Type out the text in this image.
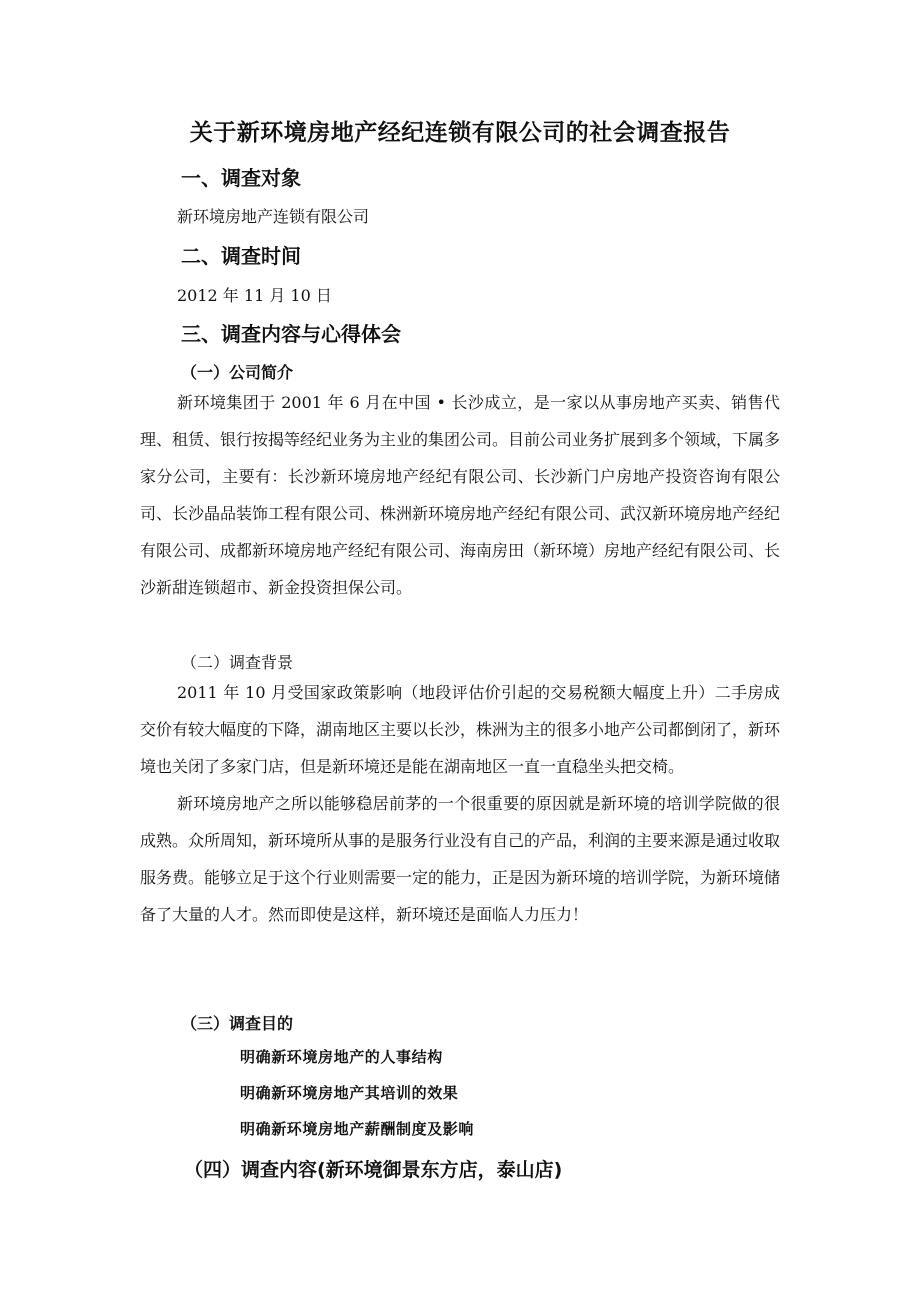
关于新环境房地产经纪连锁有限公司的社会调查报告
一、调查对象
新环境房地产连锁有限公司
二、调查时间
2012 年 11 月 10 日
三、调查内容与心得体会
（一）公司简介

新环境集团于 2001 年 6 月在中国 • 长沙成立，是一家以从事房地产买卖、销售代理、租赁、银行按揭等经纪业务为主业的集团公司。目前公司业务扩展到多个领域，下属多家分公司，主要有：长沙新环境房地产经纪有限公司、长沙新门户房地产投资咨询有限公司、长沙晶品装饰工程有限公司、株洲新环境房地产经纪有限公司、武汉新环境房地产经纪有限公司、成都新环境房地产经纪有限公司、海南房田（新环境）房地产经纪有限公司、长沙新甜连锁超市、新金投资担保公司。

（二）调查背景

2011 年 10 月受国家政策影响（地段评估价引起的交易税额大幅度上升）二手房成交价有较大幅度的下降，湖南地区主要以长沙，株洲为主的很多小地产公司都倒闭了，新环境也关闭了多家门店，但是新环境还是能在湖南地区一直一直稳坐头把交椅。

新环境房地产之所以能够稳居前茅的一个很重要的原因就是新环境的培训学院做的很成熟。众所周知，新环境所从事的是服务行业没有自己的产品，利润的主要来源是通过收取服务费。能够立足于这个行业则需要一定的能力，正是因为新环境的培训学院，为新环境储备了大量的人才。然而即使是这样，新环境还是面临人力压力！

（三）调查目的
明确新环境房地产的人事结构
明确新环境房地产其培训的效果
明确新环境房地产薪酬制度及影响
（四）调查内容(新环境御景东方店，泰山店)
